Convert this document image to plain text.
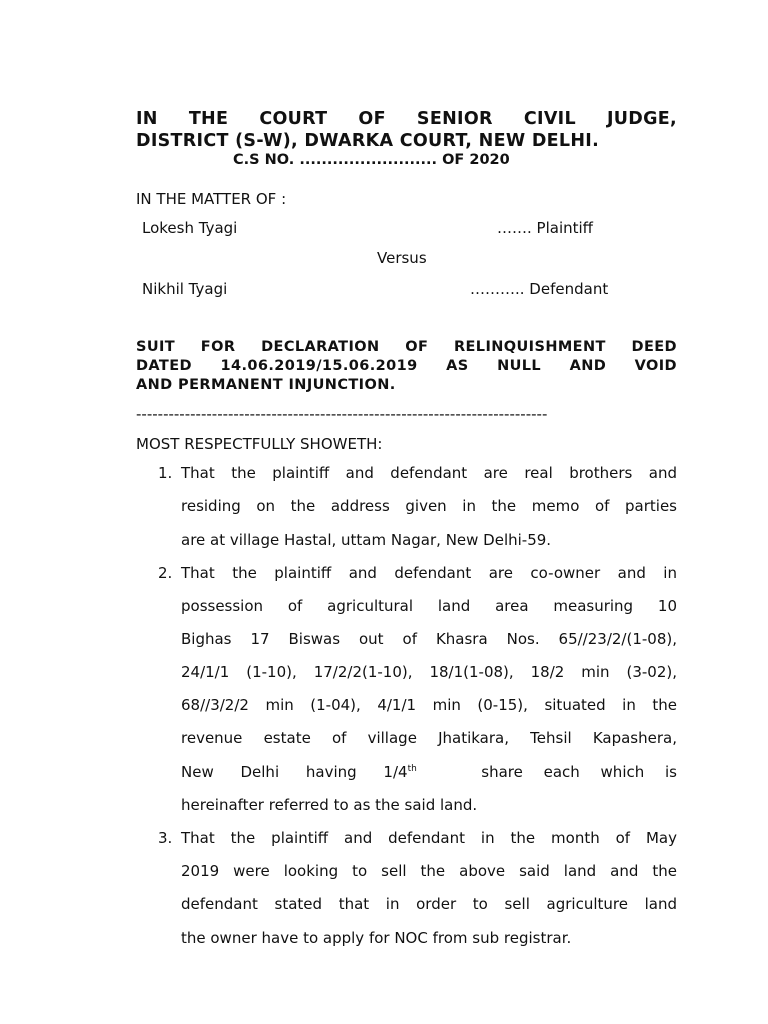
IN THE COURT OF SENIOR CIVIL JUDGE,
DISTRICT (S-W), DWARKA COURT, NEW DELHI.
C.S NO. ......................... OF 2020
IN THE MATTER OF :
Lokesh Tyagi	……. Plaintiff
Versus
Nikhil Tyagi	……….. Defendant
SUIT FOR DECLARATION OF RELINQUISHMENT DEED
DATED 14.06.2019/15.06.2019 AS NULL AND VOID
AND PERMANENT INJUNCTION.
----------------------------------------------------------------------------
MOST RESPECTFULLY SHOWETH:
1. That the plaintiff and defendant are real brothers and
residing on the address given in the memo of parties
are at village Hastal, uttam Nagar, New Delhi-59.
2. That the plaintiff and defendant are co-owner and in
possession of agricultural land area measuring 10
Bighas 17 Biswas out of Khasra Nos. 65//23/2/(1-08),
24/1/1 (1-10), 17/2/2(1-10), 18/1(1-08), 18/2 min (3-02),
68//3/2/2 min (1-04), 4/1/1 min (0-15), situated in the
revenue estate of village Jhatikara, Tehsil Kapashera,
New Delhi having 1/4th	share each which is
hereinafter referred to as the said land.
3. That the plaintiff and defendant in the month of May
2019 were looking to sell the above said land and the
defendant stated that in order to sell agriculture land
the owner have to apply for NOC from sub registrar.
